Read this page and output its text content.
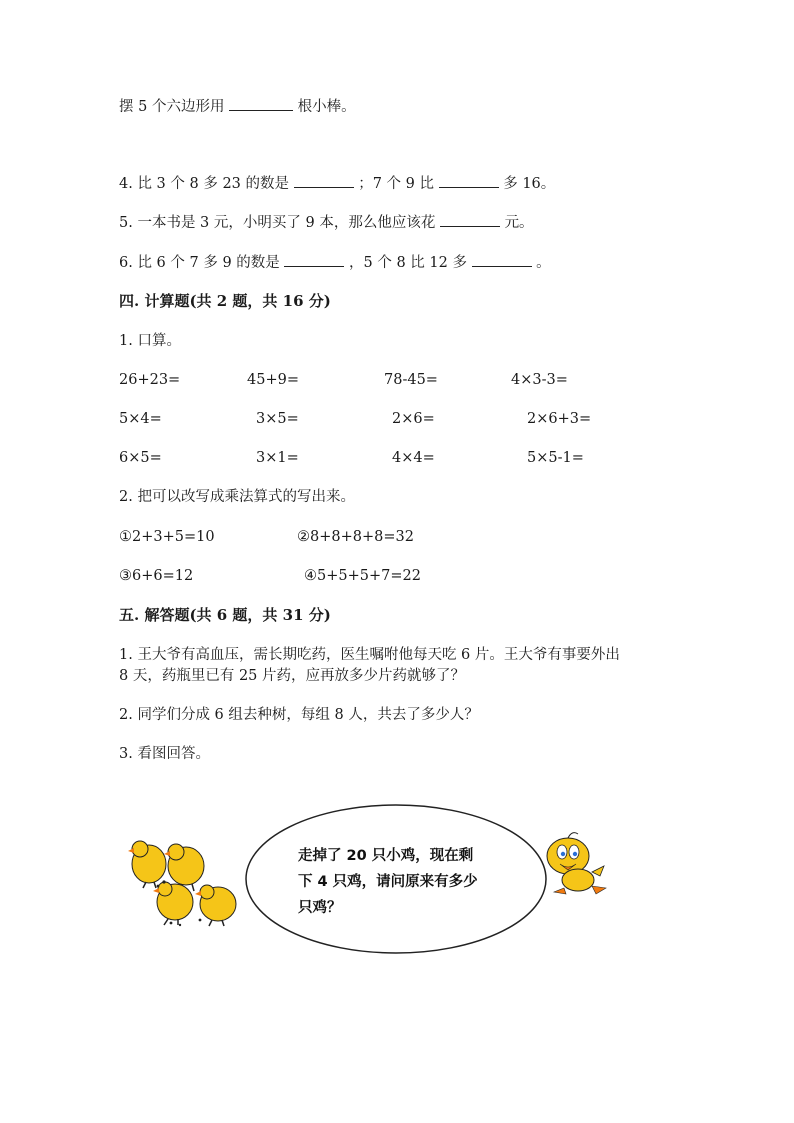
摆 5 个六边形用	根小棒。
4. 比 3 个 8 多 23 的数是	；7 个 9 比	多 16。
5. 一本书是 3 元，小明买了 9 本，那么他应该花	元。
6. 比 6 个 7 多 9 的数是	，5 个 8 比 12 多	。
四. 计算题(共 2 题，共 16 分)
1. 口算。
26+23=	45+9=	78-45=	4×3-3=
5×4=	3×5=	2×6=	2×6+3=
6×5=	3×1=	4×4=	5×5-1=
2. 把可以改写成乘法算式的写出来。
①2+3+5=10	②8+8+8+8=32
③6+6=12	④5+5+5+7=22
五. 解答题(共 6 题，共 31 分)
1. 王大爷有高血压，需长期吃药，医生嘱咐他每天吃 6 片。王大爷有事要外出
8 天，药瓶里已有 25 片药，应再放多少片药就够了？
2. 同学们分成 6 组去种树，每组 8 人，共去了多少人？
3. 看图回答。
走掉了 20 只小鸡，现在剩
下 4 只鸡，请问原来有多少
只鸡？
